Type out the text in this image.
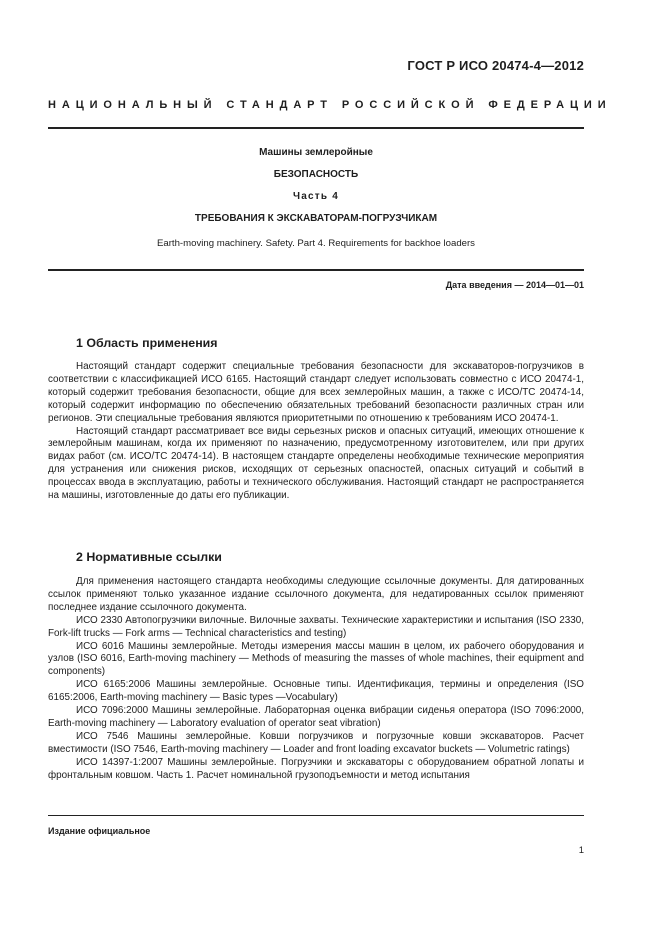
ГОСТ Р ИСО 20474-4—2012
НАЦИОНАЛЬНЫЙ СТАНДАРТ РОССИЙСКОЙ ФЕДЕРАЦИИ
Машины землеройные
БЕЗОПАСНОСТЬ
Часть 4
ТРЕБОВАНИЯ К ЭКСКАВАТОРАМ-ПОГРУЗЧИКАМ
Earth-moving machinery. Safety. Part 4. Requirements for backhoe loaders
Дата введения — 2014—01—01
1 Область применения

Настоящий стандарт содержит специальные требования безопасности для экскаваторов-погрузчиков в соответствии с классификацией ИСО 6165. Настоящий стандарт следует использовать совместно с ИСО 20474-1, который содержит требования безопасности, общие для всех землеройных машин, а также с ИСО/ТС 20474-14, который содержит информацию по обеспечению обязательных требований безопасности различных стран или регионов. Эти специальные требования являются приоритетными по отношению к требованиям ИСО 20474-1.

Настоящий стандарт рассматривает все виды серьезных рисков и опасных ситуаций, имеющих отношение к землеройным машинам, когда их применяют по назначению, предусмотренному изготовителем, или при других видах работ (см. ИСО/ТС 20474-14). В настоящем стандарте определены необходимые технические мероприятия для устранения или снижения рисков, исходящих от серьезных опасностей, опасных ситуаций и событий в процессах ввода в эксплуатацию, работы и технического обслуживания. Настоящий стандарт не распространяется на машины, изготовленные до даты его публикации.

2 Нормативные ссылки

Для применения настоящего стандарта необходимы следующие ссылочные документы. Для датированных ссылок применяют только указанное издание ссылочного документа, для недатированных ссылок применяют последнее издание ссылочного документа.

ИСО 2330 Автопогрузчики вилочные. Вилочные захваты. Технические характеристики и испытания (ISO 2330, Fork-lift trucks — Fork arms — Technical characteristics and testing)

ИСО 6016 Машины землеройные. Методы измерения массы машин в целом, их рабочего оборудования и узлов (ISO 6016, Earth-moving machinery — Methods of measuring the masses of whole machines, their equipment and components)

ИСО 6165:2006 Машины землеройные. Основные типы. Идентификация, термины и определения (ISO 6165:2006, Earth-moving machinery — Basic types —Vocabulary)

ИСО 7096:2000 Машины землеройные. Лабораторная оценка вибрации сиденья оператора (ISO 7096:2000, Earth-moving machinery — Laboratory evaluation of operator seat vibration)

ИСО 7546 Машины землеройные. Ковши погрузчиков и погрузочные ковши экскаваторов. Расчет вместимости (ISO 7546, Earth-moving machinery — Loader and front loading excavator buckets — Volumetric ratings)

ИСО 14397-1:2007 Машины землеройные. Погрузчики и экскаваторы с оборудованием обратной лопаты и фронтальным ковшом. Часть 1. Расчет номинальной грузоподъемности и метод испытания

Издание официальное
1
